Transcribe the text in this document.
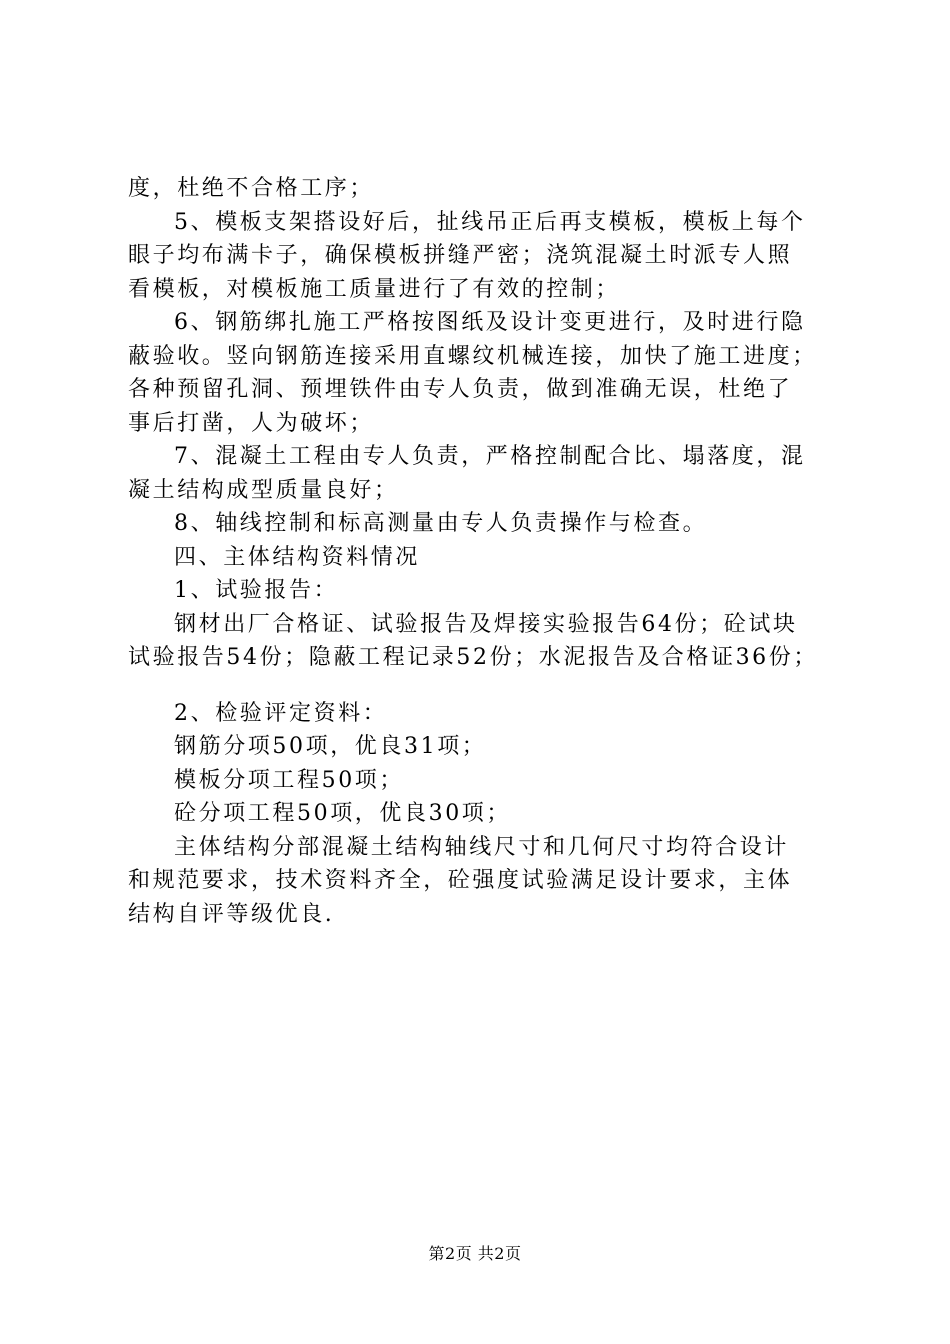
度，杜绝不合格工序；
5、模板支架搭设好后，扯线吊正后再支模板，模板上每个
眼子均布满卡子，确保模板拼缝严密；浇筑混凝土时派专人照
看模板，对模板施工质量进行了有效的控制；
6、钢筋绑扎施工严格按图纸及设计变更进行，及时进行隐
蔽验收。竖向钢筋连接采用直螺纹机械连接，加快了施工进度；
各种预留孔洞、预埋铁件由专人负责，做到准确无误，杜绝了
事后打凿，人为破坏；
7、混凝土工程由专人负责，严格控制配合比、塌落度，混
凝土结构成型质量良好；
8、轴线控制和标高测量由专人负责操作与检查。
四、主体结构资料情况
1、试验报告：
钢材出厂合格证、试验报告及焊接实验报告64份；砼试块
试验报告54份；隐蔽工程记录52份；水泥报告及合格证36份；
2、检验评定资料：
钢筋分项50项，优良31项；
模板分项工程50项；
砼分项工程50项，优良30项；
主体结构分部混凝土结构轴线尺寸和几何尺寸均符合设计
和规范要求，技术资料齐全，砼强度试验满足设计要求，主体
结构自评等级优良.
第2页 共2页
